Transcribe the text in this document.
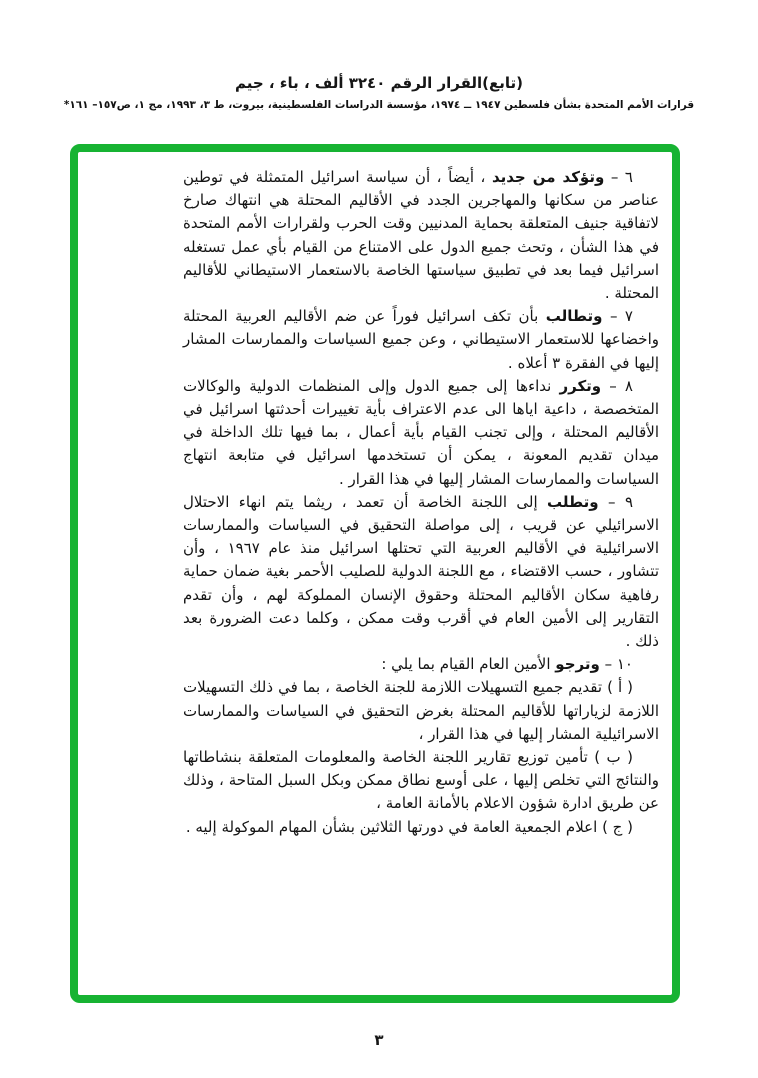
(تابع)القرار الرقم ٣٢٤٠ ألف ، باء ، جيم
قرارات الأمم المتحدة بشأن فلسطين ١٩٤٧ ــ ١٩٧٤، مؤسسة الدراسات الفلسطينية، بيروت، ط ٣، ١٩٩٣، مج ١، ص١٥٧– ١٦١*

٦ – وتؤكد من جديد ، أيضاً ، أن سياسة اسرائيل المتمثلة في توطين عناصر من سكانها والمهاجرين الجدد في الأقاليم المحتلة هي انتهاك صارخ لاتفاقية جنيف المتعلقة بحماية المدنيين وقت الحرب ولقرارات الأمم المتحدة في هذا الشأن ، وتحث جميع الدول على الامتناع من القيام بأي عمل تستغله اسرائيل فيما بعد في تطبيق سياستها الخاصة بالاستعمار الاستيطاني للأقاليم المحتلة .

٧ – وتطالب بأن تكف اسرائيل فوراً عن ضم الأقاليم العربية المحتلة واخضاعها للاستعمار الاستيطاني ، وعن جميع السياسات والممارسات المشار إليها في الفقرة ٣ أعلاه .

٨ – وتكرر نداءها إلى جميع الدول وإلى المنظمات الدولية والوكالات المتخصصة ، داعية اياها الى عدم الاعتراف بأية تغييرات أحدثتها اسرائيل في الأقاليم المحتلة ، وإلى تجنب القيام بأية أعمال ، بما فيها تلك الداخلة في ميدان تقديم المعونة ، يمكن أن تستخدمها اسرائيل في متابعة انتهاج السياسات والممارسات المشار إليها في هذا القرار .

٩ – وتطلب إلى اللجنة الخاصة أن تعمد ، ريثما يتم انهاء الاحتلال الاسرائيلي عن قريب ، إلى مواصلة التحقيق في السياسات والممارسات الاسرائيلية في الأقاليم العربية التي تحتلها اسرائيل منذ عام ١٩٦٧ ، وأن تتشاور ، حسب الاقتضاء ، مع اللجنة الدولية للصليب الأحمر بغية ضمان حماية رفاهية سكان الأقاليم المحتلة وحقوق الإنسان المملوكة لهم ، وأن تقدم التقارير إلى الأمين العام في أقرب وقت ممكن ، وكلما دعت الضرورة بعد ذلك .

١٠ – وترجو الأمين العام القيام بما يلي :

( أ ) تقديم جميع التسهيلات اللازمة للجنة الخاصة ، بما في ذلك التسهيلات اللازمة لزياراتها للأقاليم المحتلة بغرض التحقيق في السياسات والممارسات الاسرائيلية المشار إليها في هذا القرار ،

( ب ) تأمين توزيع تقارير اللجنة الخاصة والمعلومات المتعلقة بنشاطاتها والنتائج التي تخلص إليها ، على أوسع نطاق ممكن وبكل السبل المتاحة ، وذلك عن طريق ادارة شؤون الاعلام بالأمانة العامة ،

( ج ) اعلام الجمعية العامة في دورتها الثلاثين بشأن المهام الموكولة إليه .

٣
